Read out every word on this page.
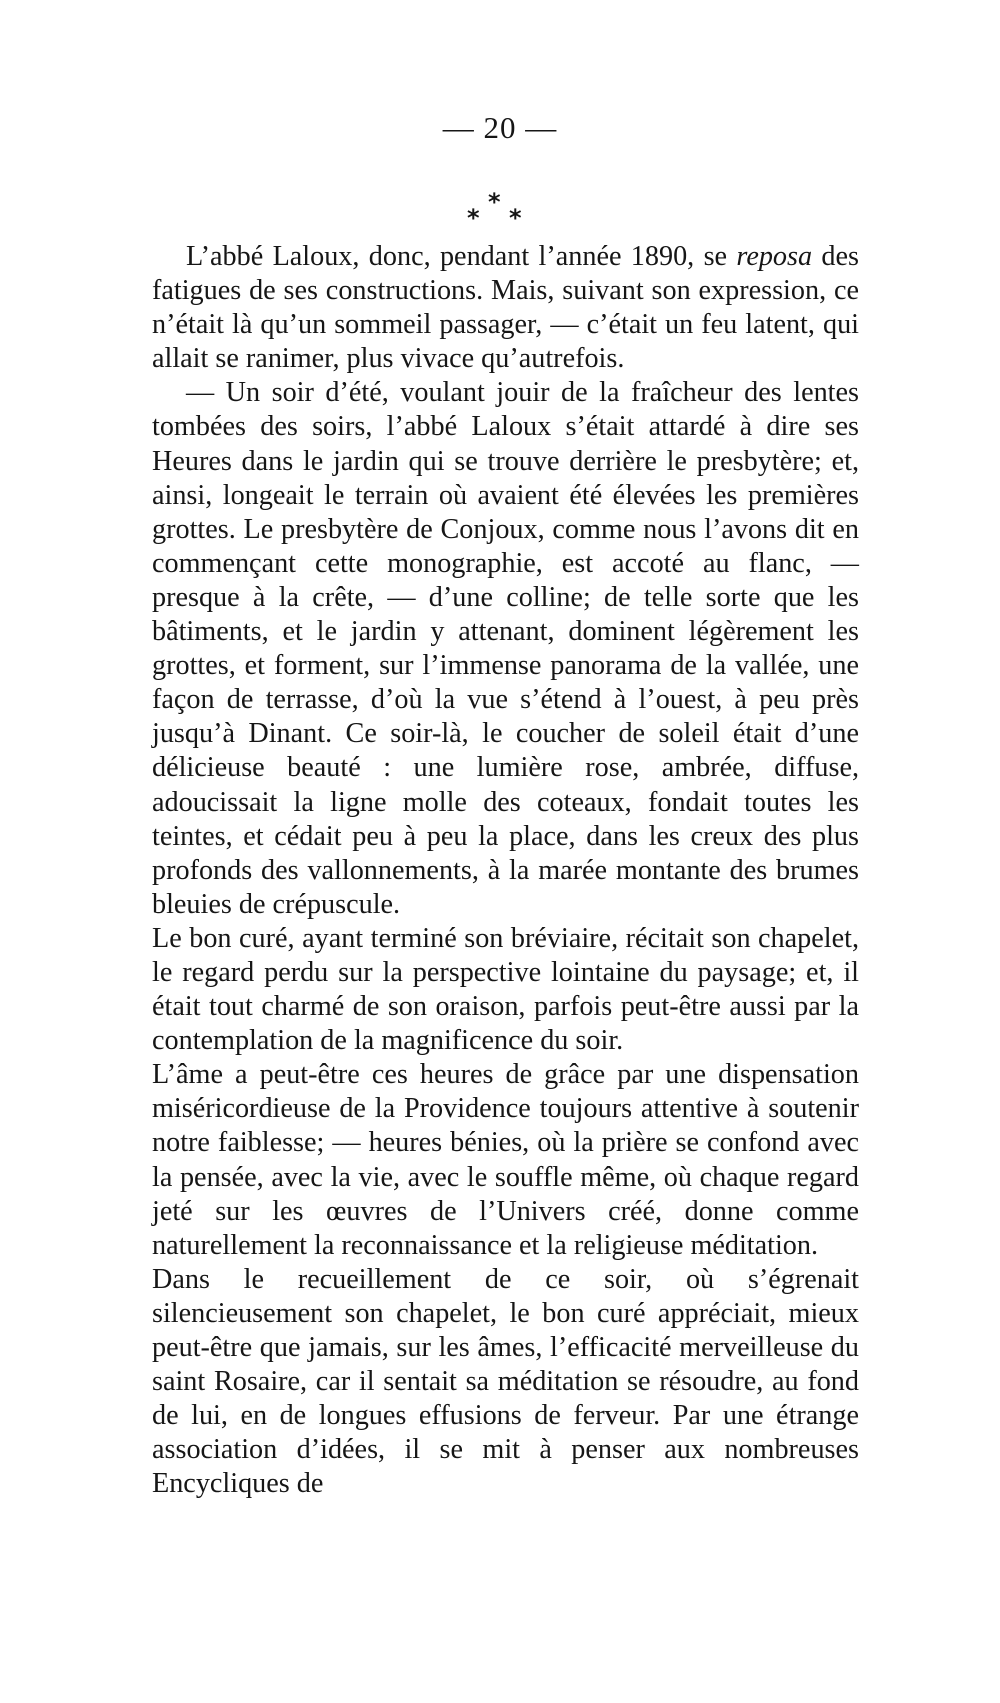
— 20 —
*
* *

L’abbé Laloux, donc, pendant l’année 1890, se reposa des fatigues de ses constructions. Mais, suivant son expression, ce n’était là qu’un sommeil passager, — c’était un feu latent, qui allait se ranimer, plus vivace qu’autrefois.

— Un soir d’été, voulant jouir de la fraîcheur des lentes tombées des soirs, l’abbé Laloux s’était attardé à dire ses Heures dans le jardin qui se trouve derrière le presbytère; et, ainsi, longeait le terrain où avaient été élevées les premières grottes. Le presbytère de Conjoux, comme nous l’avons dit en commençant cette monographie, est accoté au flanc, — presque à la crête, — d’une colline; de telle sorte que les bâtiments, et le jardin y attenant, dominent légèrement les grottes, et forment, sur l’immense panorama de la vallée, une façon de terrasse, d’où la vue s’étend à l’ouest, à peu près jusqu’à Dinant. Ce soir-là, le coucher de soleil était d’une délicieuse beauté : une lumière rose, ambrée, diffuse, adoucissait la ligne molle des coteaux, fondait toutes les teintes, et cédait peu à peu la place, dans les creux des plus profonds des vallonnements, à la marée montante des brumes bleuies de crépuscule.

Le bon curé, ayant terminé son bréviaire, récitait son chapelet, le regard perdu sur la perspective lointaine du paysage; et, il était tout charmé de son oraison, parfois peut-être aussi par la contemplation de la magnificence du soir.

L’âme a peut-être ces heures de grâce par une dispensation miséricordieuse de la Providence toujours attentive à soutenir notre faiblesse; — heures bénies, où la prière se confond avec la pensée, avec la vie, avec le souffle même, où chaque regard jeté sur les œuvres de l’Univers créé, donne comme naturellement la reconnaissance et la religieuse méditation.

Dans le recueillement de ce soir, où s’égrenait silencieusement son chapelet, le bon curé appréciait, mieux peut-être que jamais, sur les âmes, l’efficacité merveilleuse du saint Rosaire, car il sentait sa méditation se résoudre, au fond de lui, en de longues effusions de ferveur. Par une étrange association d’idées, il se mit à penser aux nombreuses Encycliques de
